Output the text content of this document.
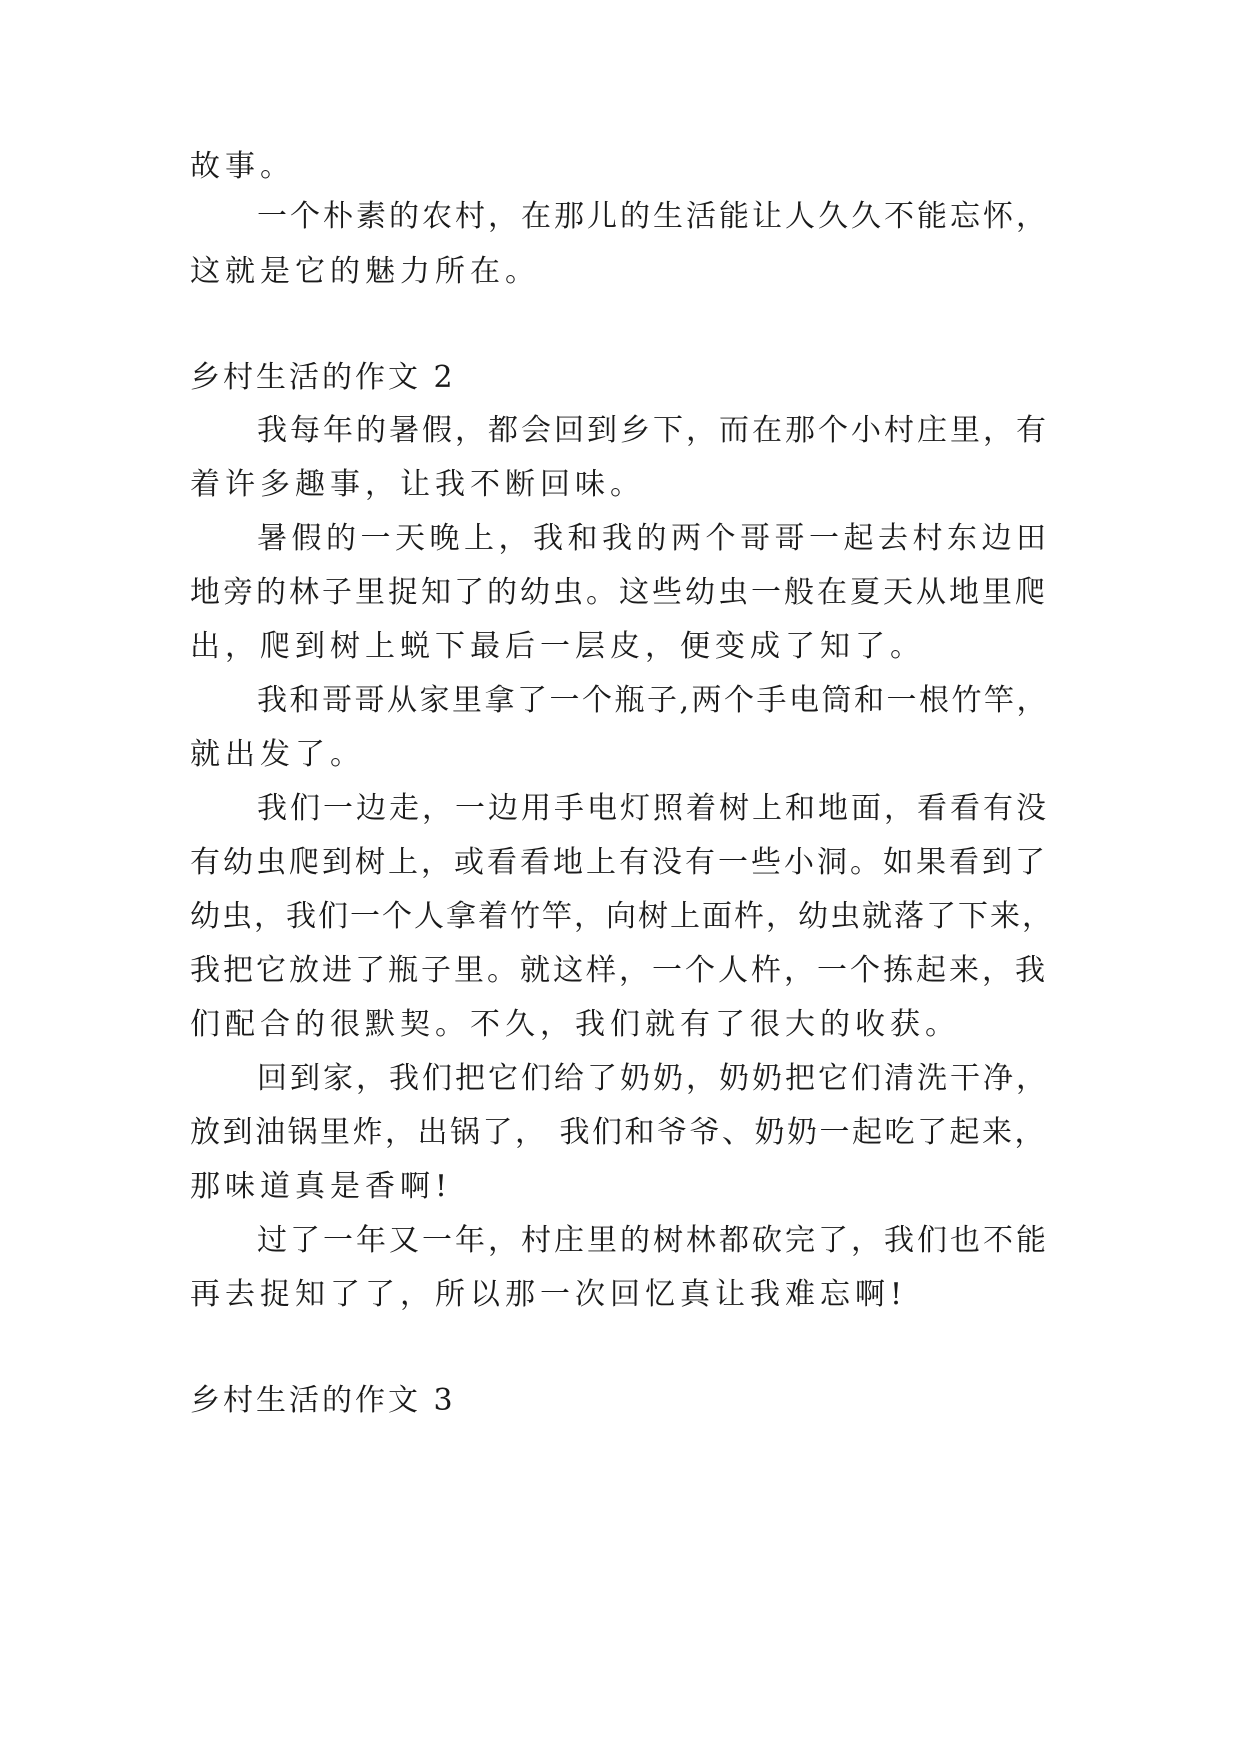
故事。

一个朴素的农村，在那儿的生活能让人久久不能忘怀，

这就是它的魅力所在。

乡村生活的作文 2

我每年的暑假，都会回到乡下，而在那个小村庄里，有

着许多趣事，让我不断回味。

暑假的一天晚上，我和我的两个哥哥一起去村东边田

地旁的林子里捉知了的幼虫。这些幼虫一般在夏天从地里爬

出，爬到树上蜕下最后一层皮，便变成了知了。

我和哥哥从家里拿了一个瓶子,两个手电筒和一根竹竿，

就出发了。

我们一边走，一边用手电灯照着树上和地面，看看有没

有幼虫爬到树上，或看看地上有没有一些小洞。如果看到了

幼虫，我们一个人拿着竹竿，向树上面杵，幼虫就落了下来，

我把它放进了瓶子里。就这样，一个人杵，一个拣起来，我

们配合的很默契。不久，我们就有了很大的收获。

回到家，我们把它们给了奶奶，奶奶把它们清洗干净，

放到油锅里炸，出锅了， 我们和爷爷、奶奶一起吃了起来，

那味道真是香啊!

过了一年又一年，村庄里的树林都砍完了，我们也不能

再去捉知了了，所以那一次回忆真让我难忘啊!

乡村生活的作文 3
